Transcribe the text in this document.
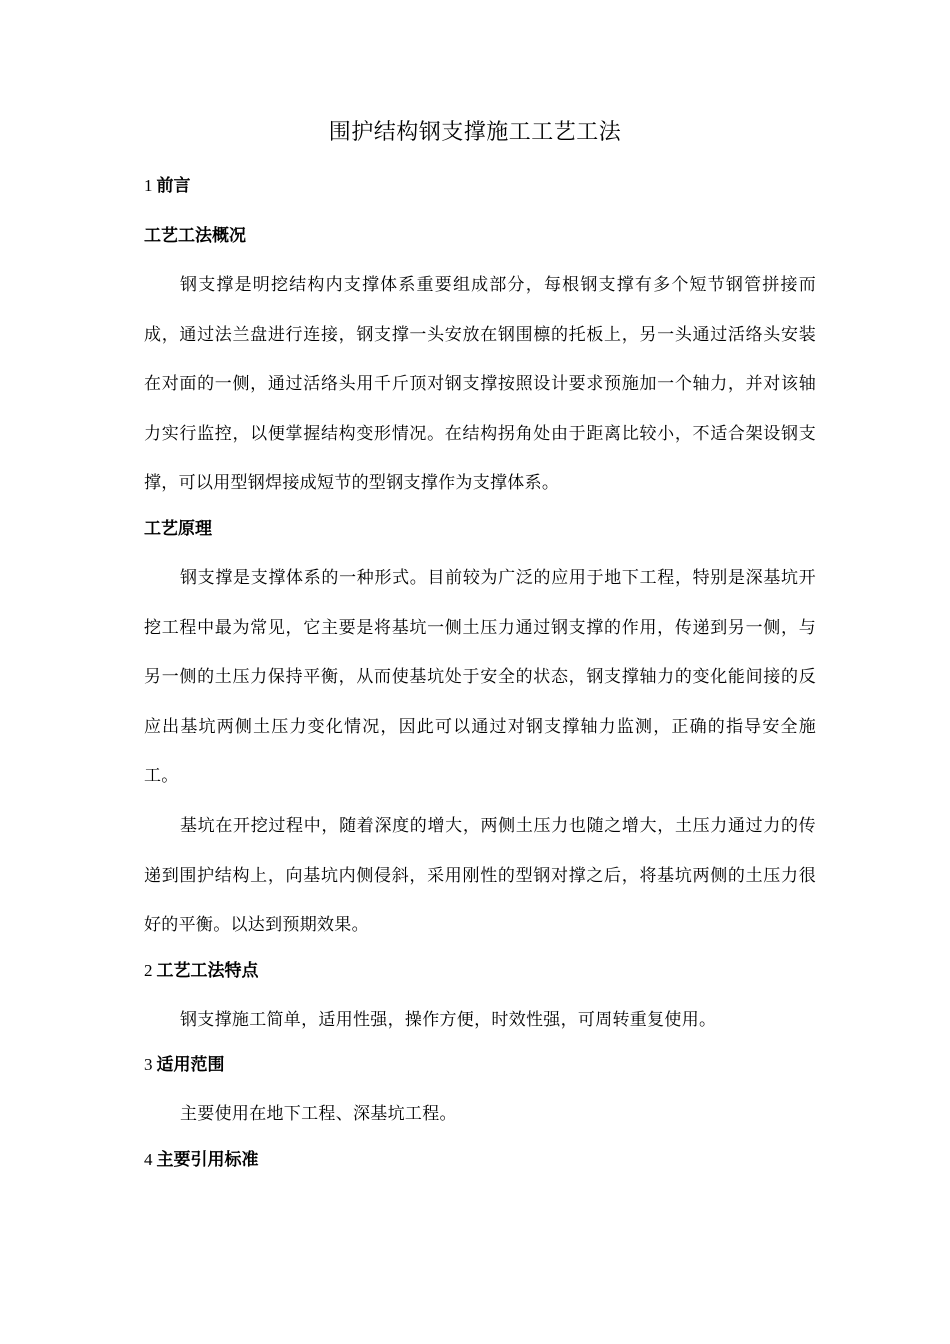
围护结构钢支撑施工工艺工法
1 前言
工艺工法概况

钢支撑是明挖结构内支撑体系重要组成部分，每根钢支撑有多个短节钢管拼接而成，通过法兰盘进行连接，钢支撑一头安放在钢围檩的托板上，另一头通过活络头安装在对面的一侧，通过活络头用千斤顶对钢支撑按照设计要求预施加一个轴力，并对该轴力实行监控，以便掌握结构变形情况。在结构拐角处由于距离比较小，不适合架设钢支撑，可以用型钢焊接成短节的型钢支撑作为支撑体系。

工艺原理

钢支撑是支撑体系的一种形式。目前较为广泛的应用于地下工程，特别是深基坑开挖工程中最为常见，它主要是将基坑一侧土压力通过钢支撑的作用，传递到另一侧，与另一侧的土压力保持平衡，从而使基坑处于安全的状态，钢支撑轴力的变化能间接的反应出基坑两侧土压力变化情况，因此可以通过对钢支撑轴力监测，正确的指导安全施工。

基坑在开挖过程中，随着深度的增大，两侧土压力也随之增大，土压力通过力的传递到围护结构上，向基坑内侧侵斜，采用刚性的型钢对撑之后，将基坑两侧的土压力很好的平衡。以达到预期效果。

2 工艺工法特点

钢支撑施工简单，适用性强，操作方便，时效性强，可周转重复使用。

3 适用范围

主要使用在地下工程、深基坑工程。

4 主要引用标准
